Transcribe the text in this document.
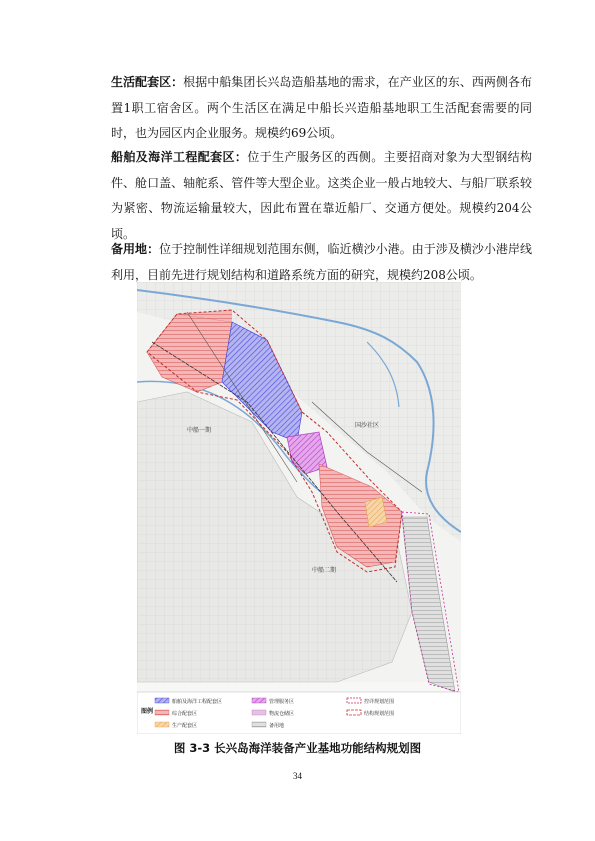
生活配套区：根据中船集团长兴岛造船基地的需求，在产业区的东、西两侧各布置1职工宿舍区。两个生活区在满足中船长兴造船基地职工生活配套需要的同时，也为园区内企业服务。规模约69公顷。

船舶及海洋工程配套区：位于生产服务区的西侧。主要招商对象为大型钢结构件、舱口盖、轴舵系、管件等大型企业。这类企业一般占地较大、与船厂联系较为紧密、物流运输量较大，因此布置在靠近船厂、交通方便处。规模约204公顷。

备用地：位于控制性详细规划范围东侧，临近横沙小港。由于涉及横沙小港岸线利用，目前先进行规划结构和道路系统方面的研究，规模约208公顷。

中船一期
中船二期
国沙社区
图例
船舶及海洋工程配套区	管理服务区	控详规划范围
综合配套区	物流仓储区	结构规划范围
生产配套区	备用地
图 3-3 长兴岛海洋装备产业基地功能结构规划图
34
